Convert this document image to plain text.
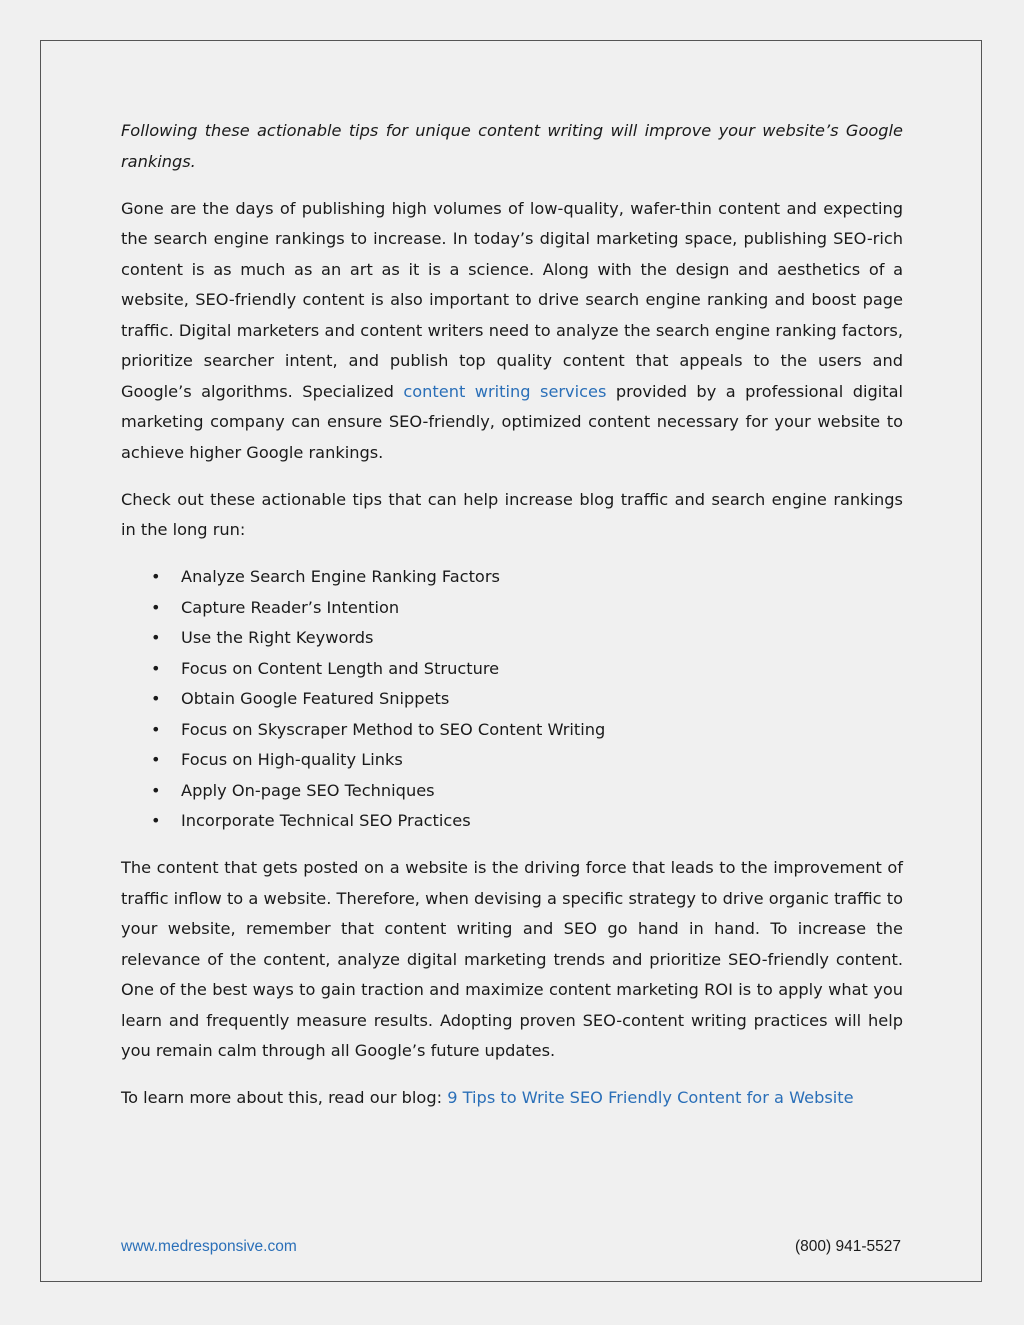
Following these actionable tips for unique content writing will improve your website’s Google rankings.

Gone are the days of publishing high volumes of low-quality, wafer-thin content and expecting the search engine rankings to increase. In today’s digital marketing space, publishing SEO-rich content is as much as an art as it is a science. Along with the design and aesthetics of a website, SEO-friendly content is also important to drive search engine ranking and boost page traffic. Digital marketers and content writers need to analyze the search engine ranking factors, prioritize searcher intent, and publish top quality content that appeals to the users and Google’s algorithms. Specialized content writing services provided by a professional digital marketing company can ensure SEO-friendly, optimized content necessary for your website to achieve higher Google rankings.

Check out these actionable tips that can help increase blog traffic and search engine rankings in the long run:

• Analyze Search Engine Ranking Factors
• Capture Reader’s Intention
• Use the Right Keywords
• Focus on Content Length and Structure
• Obtain Google Featured Snippets
• Focus on Skyscraper Method to SEO Content Writing
• Focus on High-quality Links
• Apply On-page SEO Techniques
• Incorporate Technical SEO Practices

The content that gets posted on a website is the driving force that leads to the improvement of traffic inflow to a website. Therefore, when devising a specific strategy to drive organic traffic to your website, remember that content writing and SEO go hand in hand. To increase the relevance of the content, analyze digital marketing trends and prioritize SEO-friendly content. One of the best ways to gain traction and maximize content marketing ROI is to apply what you learn and frequently measure results. Adopting proven SEO-content writing practices will help you remain calm through all Google’s future updates.

To learn more about this, read our blog: 9 Tips to Write SEO Friendly Content for a Website

www.medresponsive.com	(800) 941-5527
